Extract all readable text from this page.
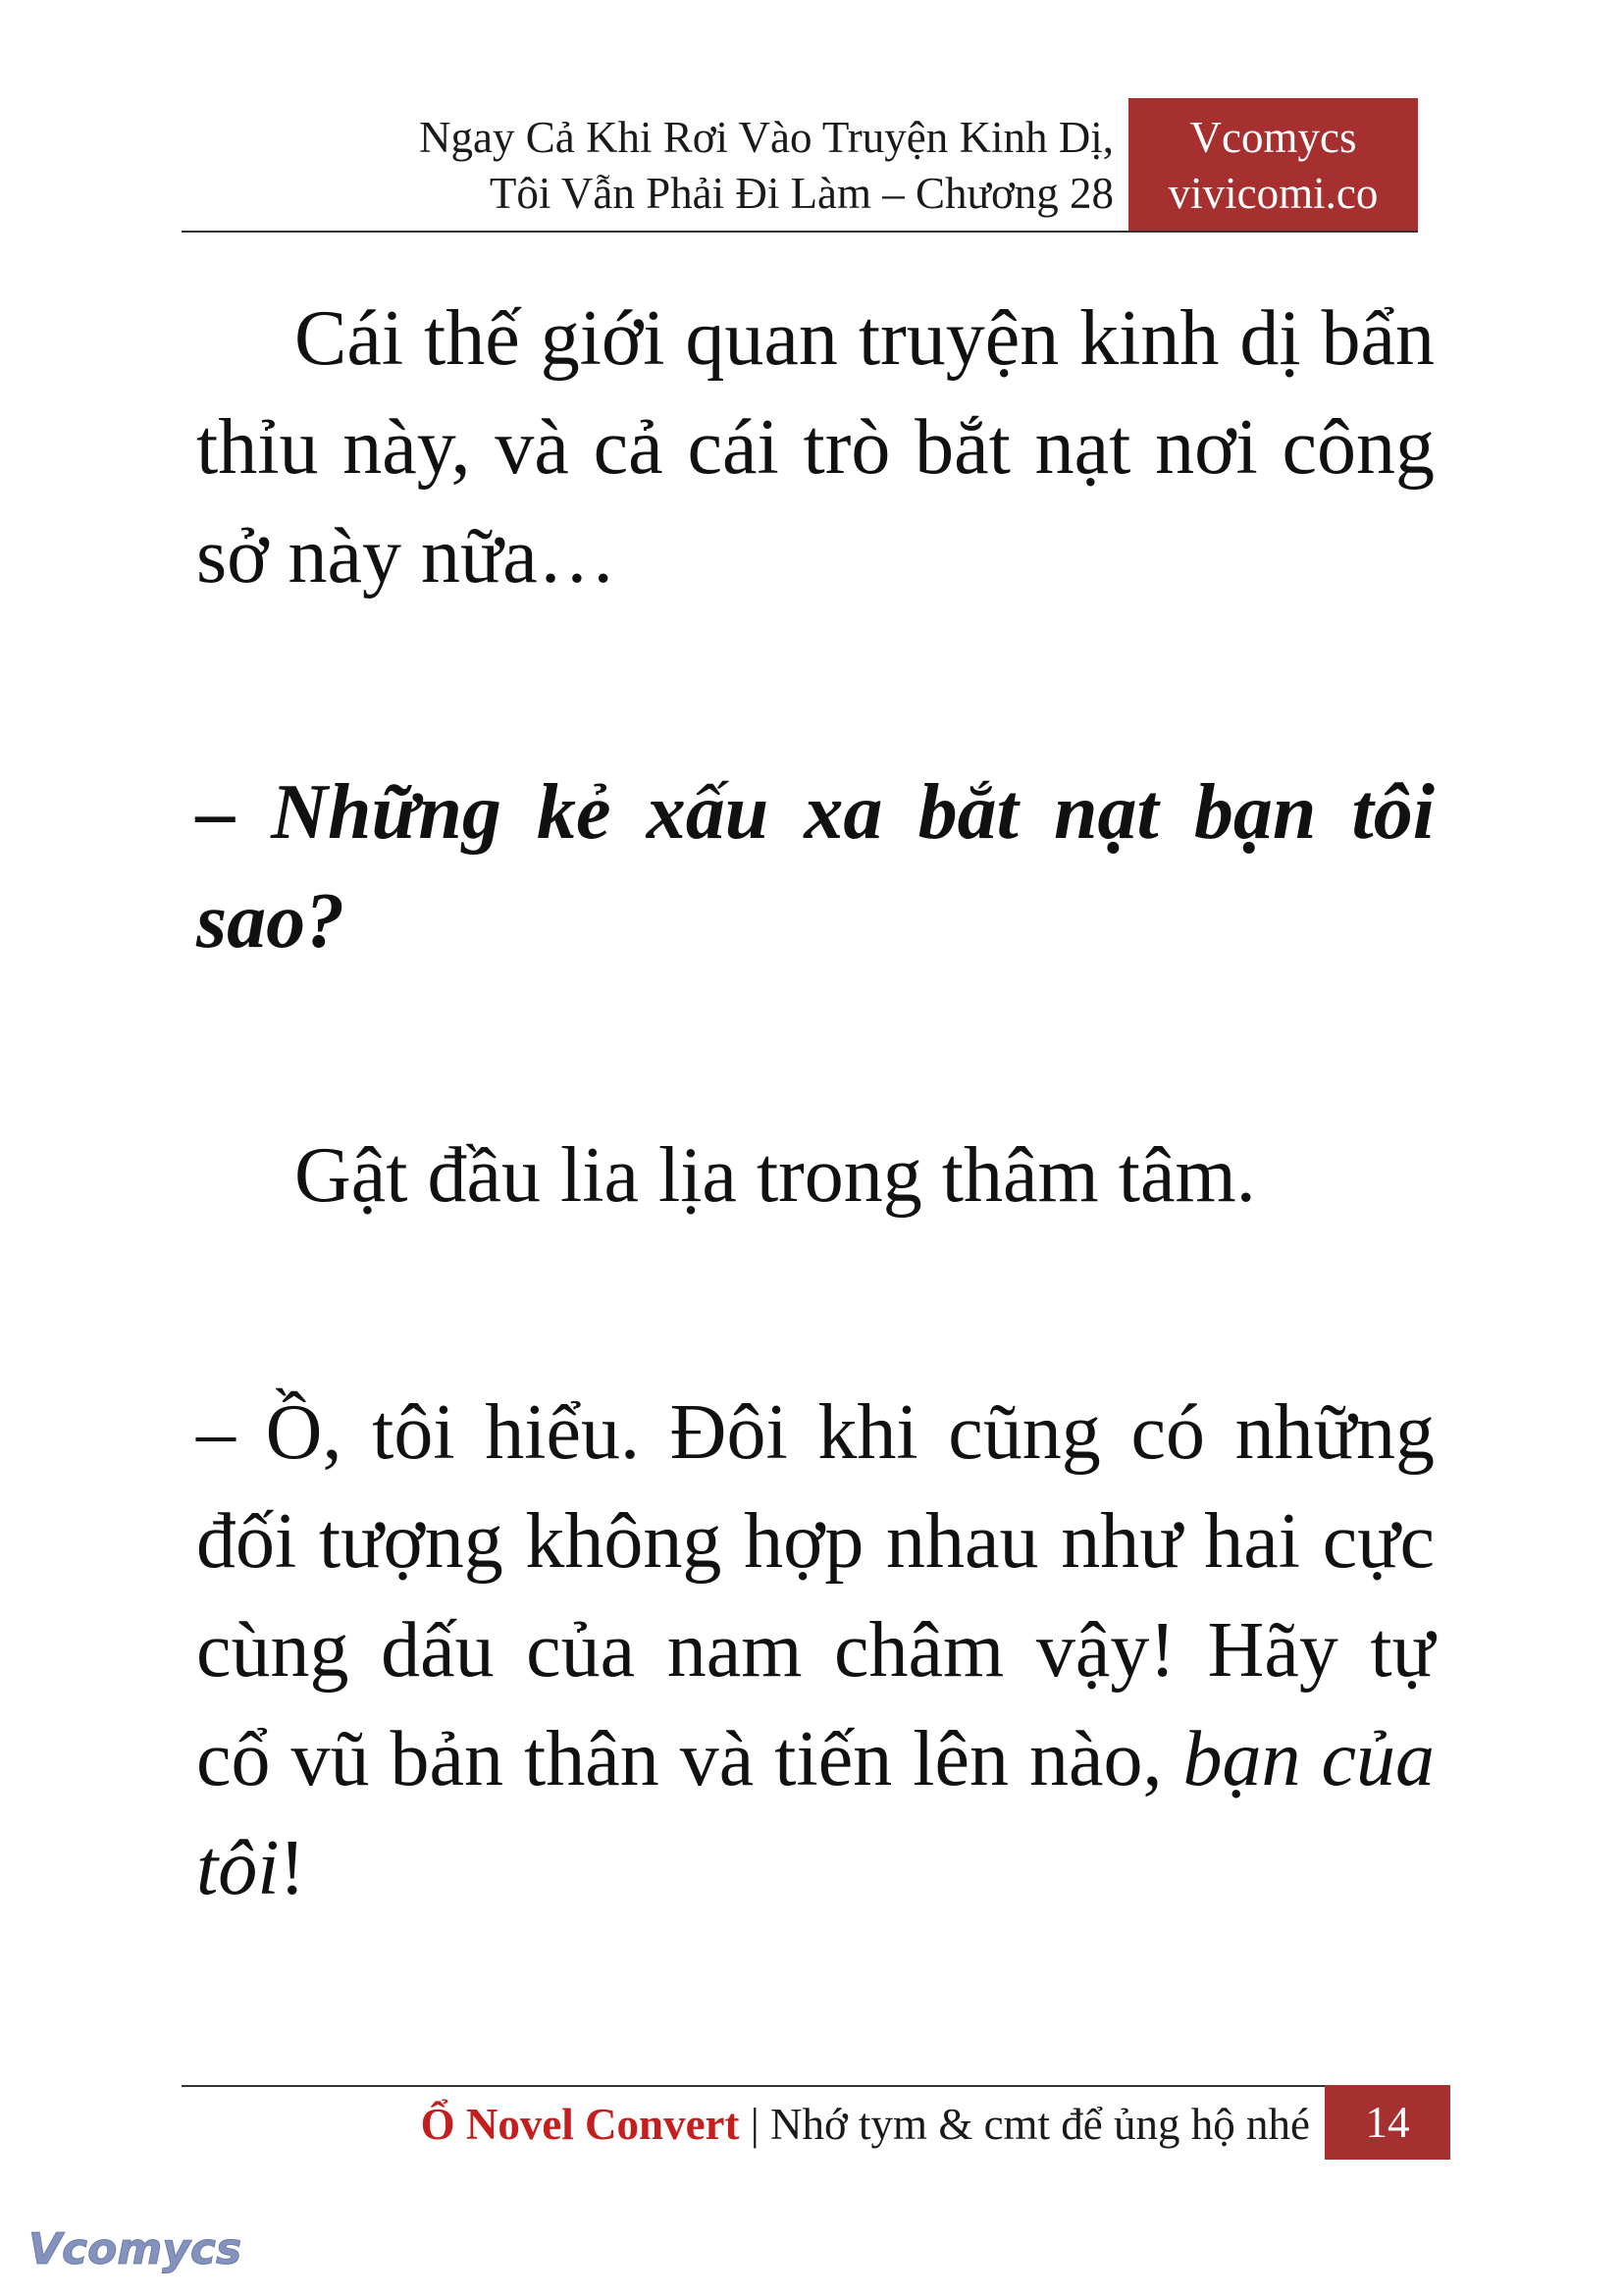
Ngay Cả Khi Rơi Vào Truyện Kinh Dị,
Tôi Vẫn Phải Đi Làm – Chương 28
Vcomycs
vivicomi.co

Cái thế giới quan truyện kinh dị bẩn thỉu này, và cả cái trò bắt nạt nơi công sở này nữa…

– Những kẻ xấu xa bắt nạt bạn tôi sao?

Gật đầu lia lịa trong thâm tâm.

– Ồ, tôi hiểu. Đôi khi cũng có những đối tượng không hợp nhau như hai cực cùng dấu của nam châm vậy! Hãy tự cổ vũ bản thân và tiến lên nào, bạn của tôi!

Ổ Novel Convert | Nhớ tym & cmt để ủng hộ nhé	14
Vcomycs
